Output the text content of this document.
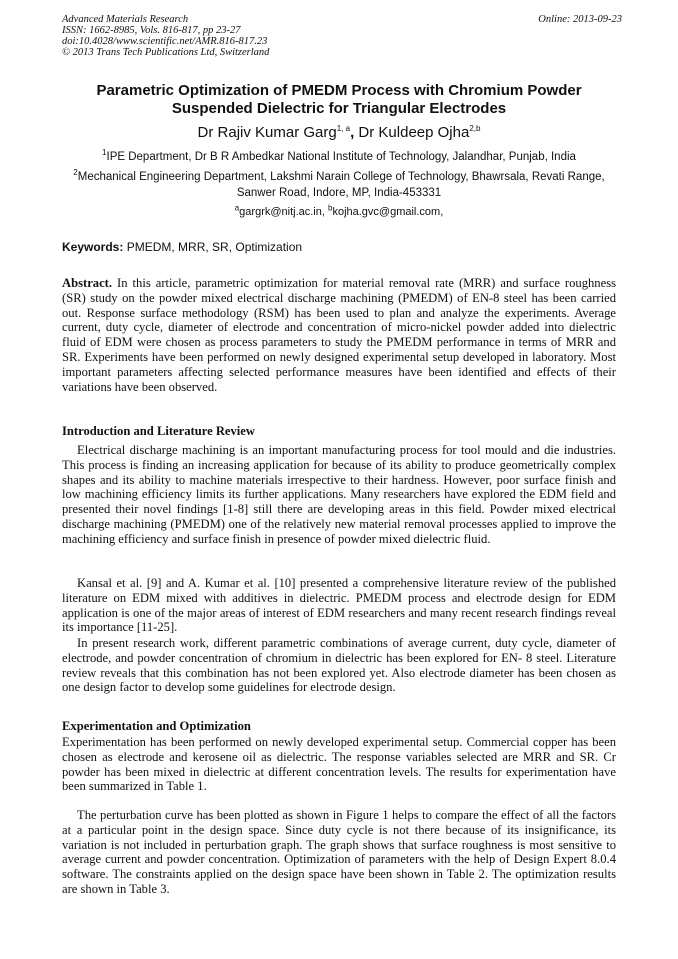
Advanced Materials Research
ISSN: 1662-8985, Vols. 816-817, pp 23-27
doi:10.4028/www.scientific.net/AMR.816-817.23
© 2013 Trans Tech Publications Ltd, Switzerland
Online: 2013-09-23
Parametric Optimization of PMEDM Process with Chromium Powder
Suspended Dielectric for Triangular Electrodes
Dr Rajiv Kumar Garg$^{1, a}$, Dr Kuldeep Ojha$^{2,b}$
$^1$IPE Department, Dr B R Ambedkar National Institute of Technology, Jalandhar, Punjab, India
$^2$Mechanical Engineering Department, Lakshmi Narain College of Technology, Bhawrsala, Revati Range, Sanwer Road, Indore, MP, India-453331
$^a$gargrk@nitj.ac.in, $^b$kojha.gvc@gmail.com,
Keywords: PMEDM, MRR, SR, Optimization

Abstract. In this article, parametric optimization for material removal rate (MRR) and surface roughness (SR) study on the powder mixed electrical discharge machining (PMEDM) of EN-8 steel has been carried out. Response surface methodology (RSM) has been used to plan and analyze the experiments. Average current, duty cycle, diameter of electrode and concentration of micro-nickel powder added into dielectric fluid of EDM were chosen as process parameters to study the PMEDM performance in terms of MRR and SR. Experiments have been performed on newly designed experimental setup developed in laboratory. Most important parameters affecting selected performance measures have been identified and effects of their variations have been observed.

Introduction and Literature Review

Electrical discharge machining is an important manufacturing process for tool mould and die industries. This process is finding an increasing application for because of its ability to produce geometrically complex shapes and its ability to machine materials irrespective to their hardness. However, poor surface finish and low machining efficiency limits its further applications. Many researchers have explored the EDM field and presented their novel findings [1-8] still there are developing areas in this field. Powder mixed electrical discharge machining (PMEDM) one of the relatively new material removal processes applied to improve the machining efficiency and surface finish in presence of powder mixed dielectric fluid.

Kansal et al. [9] and A. Kumar et al. [10] presented a comprehensive literature review of the published literature on EDM mixed with additives in dielectric. PMEDM process and electrode design for EDM application is one of the major areas of interest of EDM researchers and many recent research findings reveal its importance [11-25].

In present research work, different parametric combinations of average current, duty cycle, diameter of electrode, and powder concentration of chromium in dielectric has been explored for EN- 8 steel. Literature review reveals that this combination has not been explored yet. Also electrode diameter has been chosen as one design factor to develop some guidelines for electrode design.

Experimentation and Optimization

Experimentation has been performed on newly developed experimental setup. Commercial copper has been chosen as electrode and kerosene oil as dielectric. The response variables selected are MRR and SR. Cr powder has been mixed in dielectric at different concentration levels. The results for experimentation have been summarized in Table 1.

The perturbation curve has been plotted as shown in Figure 1 helps to compare the effect of all the factors at a particular point in the design space. Since duty cycle is not there because of its insignificance, its variation is not included in perturbation graph. The graph shows that surface roughness is most sensitive to average current and powder concentration. Optimization of parameters with the help of Design Expert 8.0.4 software. The constraints applied on the design space have been shown in Table 2. The optimization results are shown in Table 3.
